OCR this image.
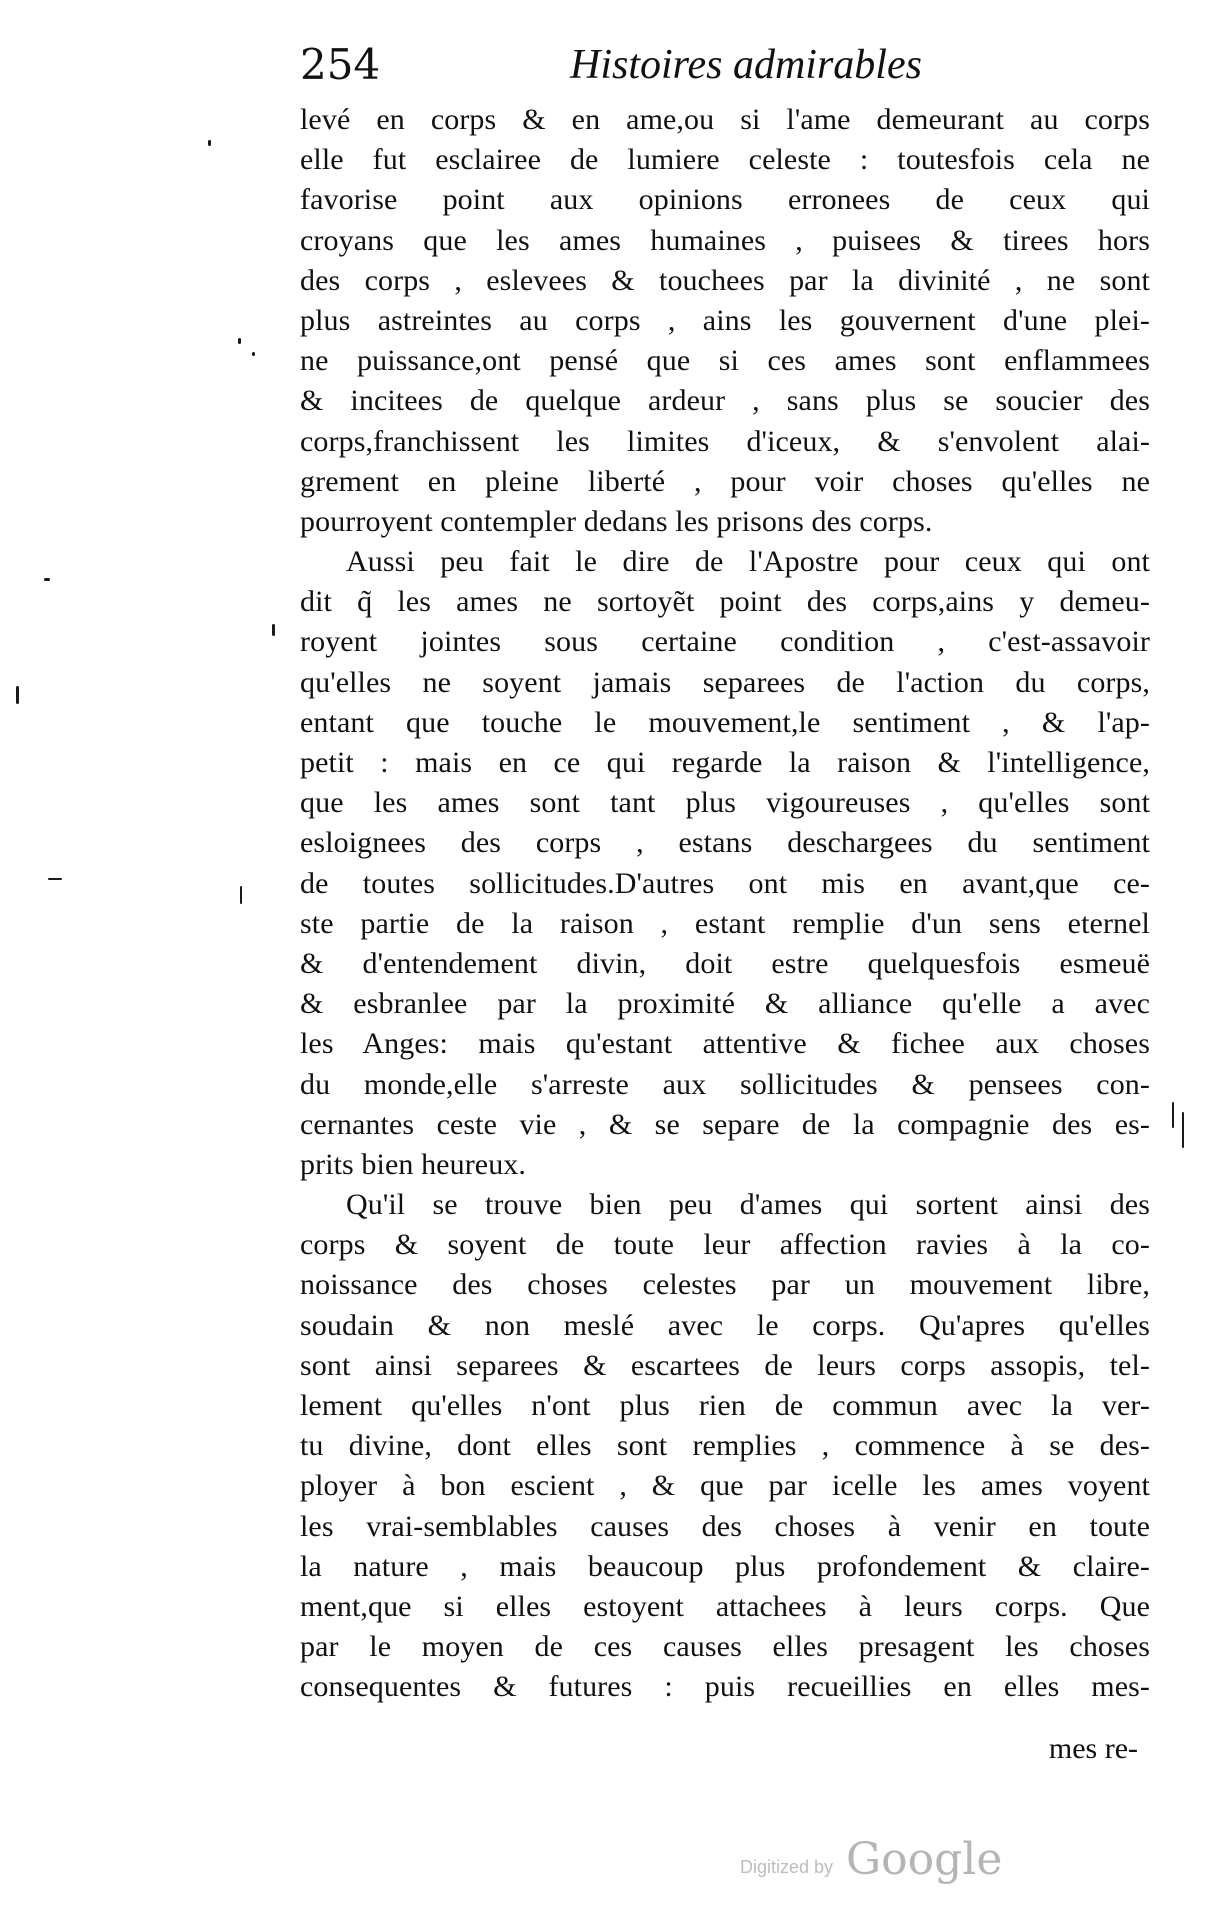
254	Histoires admirables
levé en corps & en ame,ou si l'ame demeurant au corps
elle fut esclairee de lumiere celeste : toutesfois cela ne
favorise point aux opinions erronees de ceux qui
croyans que les ames humaines , puisees & tirees hors
des corps , eslevees & touchees par la divinité , ne sont
plus astreintes au corps , ains les gouvernent d'une plei-
ne puissance,ont pensé que si ces ames sont enflammees
& incitees de quelque ardeur , sans plus se soucier des
corps,franchissent les limites d'iceux, & s'envolent alai-
grement en pleine liberté , pour voir choses qu'elles ne
pourroyent contempler dedans les prisons des corps.
Aussi peu fait le dire de l'Apostre pour ceux qui ont
dit q̃ les ames ne sortoyẽt point des corps,ains y demeu-
royent jointes sous certaine condition , c'est-assavoir
qu'elles ne soyent jamais separees de l'action du corps,
entant que touche le mouvement,le sentiment , & l'ap-
petit : mais en ce qui regarde la raison & l'intelligence,
que les ames sont tant plus vigoureuses , qu'elles sont
esloignees des corps , estans deschargees du sentiment
de toutes sollicitudes.D'autres ont mis en avant,que ce-
ste partie de la raison , estant remplie d'un sens eternel
& d'entendement divin, doit estre quelquesfois esmeuë
& esbranlee par la proximité & alliance qu'elle a avec
les Anges: mais qu'estant attentive & fichee aux choses
du monde,elle s'arreste aux sollicitudes & pensees con-
cernantes ceste vie , & se separe de la compagnie des es-
prits bien heureux.
Qu'il se trouve bien peu d'ames qui sortent ainsi des
corps & soyent de toute leur affection ravies à la co-
noissance des choses celestes par un mouvement libre,
soudain & non meslé avec le corps. Qu'apres qu'elles
sont ainsi separees & escartees de leurs corps assopis, tel-
lement qu'elles n'ont plus rien de commun avec la ver-
tu divine, dont elles sont remplies , commence à se des-
ployer à bon escient , & que par icelle les ames voyent
les vrai-semblables causes des choses à venir en toute
la nature , mais beaucoup plus profondement & claire-
ment,que si elles estoyent attachees à leurs corps. Que
par le moyen de ces causes elles presagent les choses
consequentes & futures : puis recueillies en elles mes-
mes re-
Digitized by Google
